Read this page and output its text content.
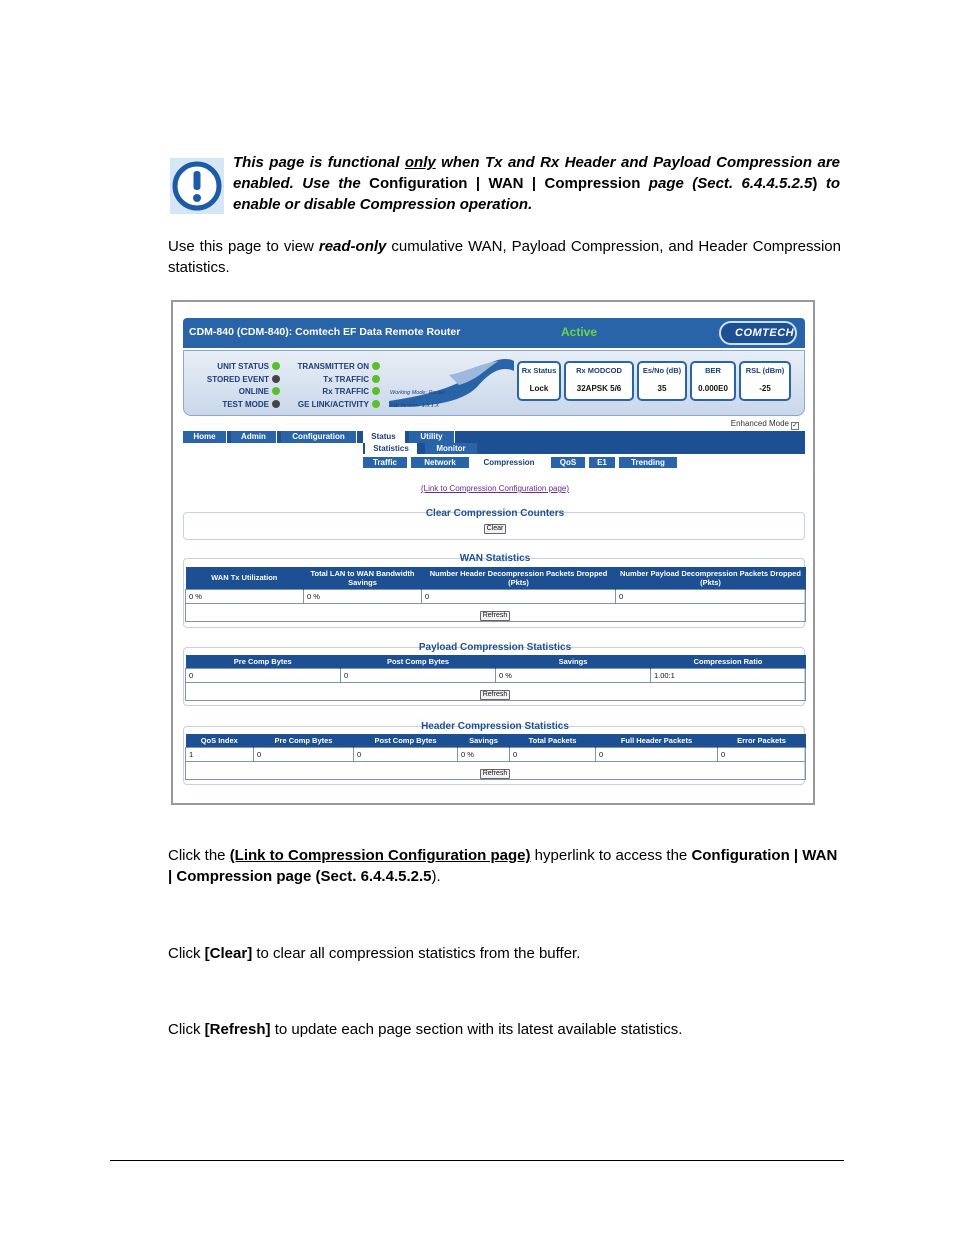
This page is functional only when Tx and Rx Header and Payload Compression are enabled. Use the Configuration | WAN | Compression page (Sect. 6.4.4.5.2.5) to enable or disable Compression operation.
Use this page to view read-only cumulative WAN, Payload Compression, and Header Compression statistics.
CDM-840 (CDM-840): Comtech EF Data Remote Router	Active	COMTECH
UNIT STATUS
STORED EVENT
ONLINE
TEST MODE
TRANSMITTER ON
Tx TRAFFIC
Rx TRAFFIC
GE LINK/ACTIVITY
Working Mode: Router
FW Version: 1.5.1.X
Rx Status
Lock
Rx MODCOD
32APSK 5/6
Es/No (dB)
35
BER
0.000E0
RSL (dBm)
-25
Enhanced Mode ✓
Home	Admin	Configuration	Status	Utility
Statistics	Monitor
Traffic	Network	Compression	QoS	E1	Trending
(Link to Compression Configuration page)
Clear Compression Counters
Clear
WAN Statistics
WAN Tx Utilization	Total LAN to WAN Bandwidth Savings	Number Header Decompression Packets Dropped (Pkts)	Number Payload Decompression Packets Dropped (Pkts)
0 %	0 %	0	0

Refresh
Payload Compression Statistics
Pre Comp Bytes	Post Comp Bytes	Savings	Compression Ratio
0	0	0 %	1.00:1

Refresh
Header Compression Statistics
QoS Index	Pre Comp Bytes	Post Comp Bytes	Savings	Total Packets	Full Header Packets	Error Packets
1	0	0	0 %	0	0	0

Refresh
Click the (Link to Compression Configuration page) hyperlink to access the Configuration | WAN | Compression page (Sect. 6.4.4.5.2.5).
Click [Clear] to clear all compression statistics from the buffer.
Click [Refresh] to update each page section with its latest available statistics.
